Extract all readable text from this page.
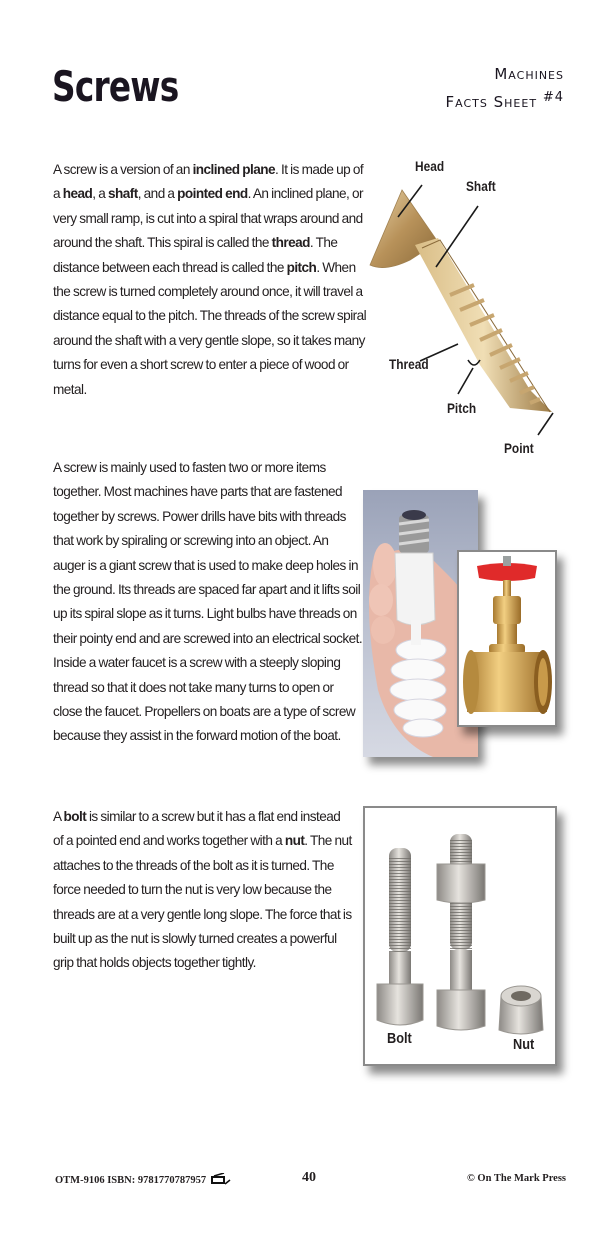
Screws	Machines
Facts Sheet $^{\#4}$
A screw is a version of an inclined plane. It is made up of a head, a shaft, and a pointed end. An inclined plane, or very small ramp, is cut into a spiral that wraps around and around the shaft. This spiral is called the thread. The distance between each thread is called the pitch. When the screw is turned completely around once, it will travel a distance equal to the pitch. The threads of the screw spiral around the shaft with a very gentle slope, so it takes many turns for even a short screw to enter a piece of wood or metal.
Head
Shaft
Thread
Pitch
Point
A screw is mainly used to fasten two or more items together. Most machines have parts that are fastened together by screws. Power drills have bits with threads that work by spiraling or screwing into an object. An auger is a giant screw that is used to make deep holes in the ground. Its threads are spaced far apart and it lifts soil up its spiral slope as it turns. Light bulbs have threads on their pointy end and are screwed into an electrical socket. Inside a water faucet is a screw with a steeply sloping thread so that it does not take many turns to open or close the faucet. Propellers on boats are a type of screw because they assist in the forward motion of the boat.
A bolt is similar to a screw but it has a flat end instead of a pointed end and works together with a nut. The nut attaches to the threads of the bolt as it is turned. The force needed to turn the nut is very low because the threads are at a very gentle long slope. The force that is built up as the nut is slowly turned creates a powerful grip that holds objects together tightly.
Bolt	Nut
OTM-9106 ISBN: 9781770787957	40	© On The Mark Press
